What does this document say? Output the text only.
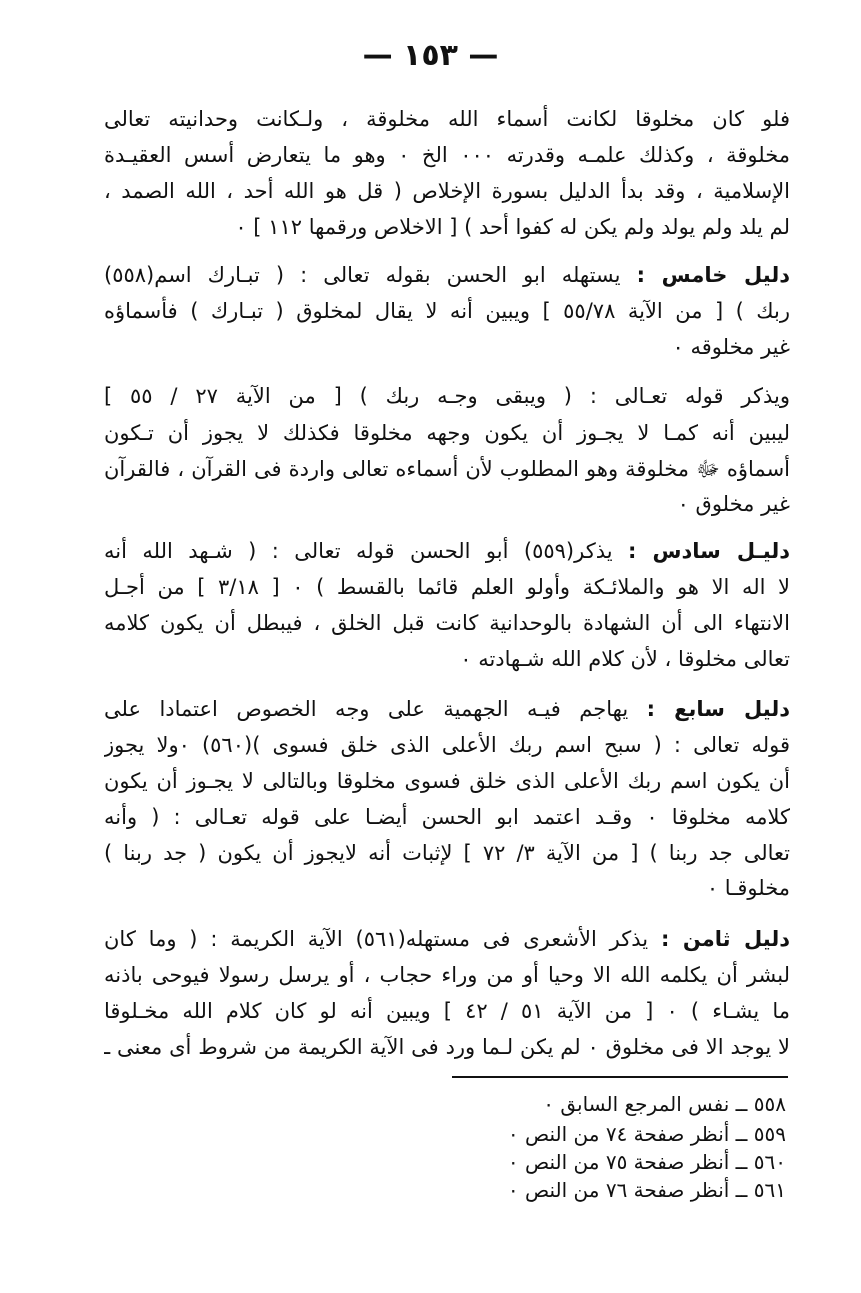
— ١٥٣ —
فلو كان مخلوقا لكانت أسماء الله مخلوقة ، ولـكانت وحدانيته تعالى
مخلوقة ، وكذلك علمـه وقدرته ٠٠٠ الخ ٠ وهو ما يتعارض أسس العقيـدة
الإسلامية ، وقد بدأ الدليل بسورة الإخلاص ( قل هو الله أحد ، الله الصمد ،
لم يلد ولم يولد ولم يكن له كفوا أحد ) [ الاخلاص ورقمها ١١٢ ] ٠
دليل خامس : يستهله ابو الحسن بقوله تعالى : ( تبـارك اسم(٥٥٨)
ربك ) [ من الآية ٥٥/٧٨ ] ويبين أنه لا يقال لمخلوق ( تبـارك ) فأسماؤه
غير مخلوقه ٠
ويذكر قوله تعـالى : ( ويبقى وجـه ربك ) [ من الآية ٢٧ / ٥٥ ]
ليبين أنه كمـا لا يجـوز أن يكون وجهه مخلوقا فكذلك لا يجوز أن تـكون
أسماؤه ﷻ مخلوقة وهو المطلوب لأن أسماءه تعالى واردة فى القرآن ، فالقرآن
غير مخلوق ٠
دليـل سادس : يذكر(٥٥٩) أبو الحسن قوله تعالى : ( شـهد الله أنه
لا اله الا هو والملائـكة وأولو العلم قائما بالقسط ) ٠ [ ٣/١٨ ] من أجـل
الانتهاء الى أن الشهادة بالوحدانية كانت قبل الخلق ، فيبطل أن يكون كلامه
تعالى مخلوقا ، لأن كلام الله شـهادته ٠
دليل سابع : يهاجم فيـه الجهمية على وجه الخصوص اعتمادا على
قوله تعالى : ( سبح اسم ربك الأعلى الذى خلق فسوى )(٥٦٠) ٠ولا يجوز
أن يكون اسم ربك الأعلى الذى خلق فسوى مخلوقا وبالتالى لا يجـوز أن يكون
كلامه مخلوقا ٠ وقـد اعتمد ابو الحسن أيضـا على قوله تعـالى : ( وأنه
تعالى جد ربنا ) [ من الآية ٣/ ٧٢ ] لإثبات أنه لايجوز أن يكون ( جد ربنا )
مخلوقـا ٠
دليل ثامن : يذكر الأشعرى فى مستهله(٥٦١) الآية الكريمة : ( وما كان
لبشر أن يكلمه الله الا وحيا أو من وراء حجاب ، أو يرسل رسولا فيوحى باذنه
ما يشـاء ) ٠ [ من الآية ٥١ / ٤٢ ] ويبين أنه لو كان كلام الله مخـلوقا
لا يوجد الا فى مخلوق ٠ لم يكن لـما ورد فى الآية الكريمة من شروط أى معنى ـ
٥٥٨ ــ نفس المرجع السابق ٠
٥٥٩ ــ أنظر صفحة ٧٤ من النص ٠
٥٦٠ ــ أنظر صفحة ٧٥ من النص ٠
٥٦١ ــ أنظر صفحة ٧٦ من النص ٠
